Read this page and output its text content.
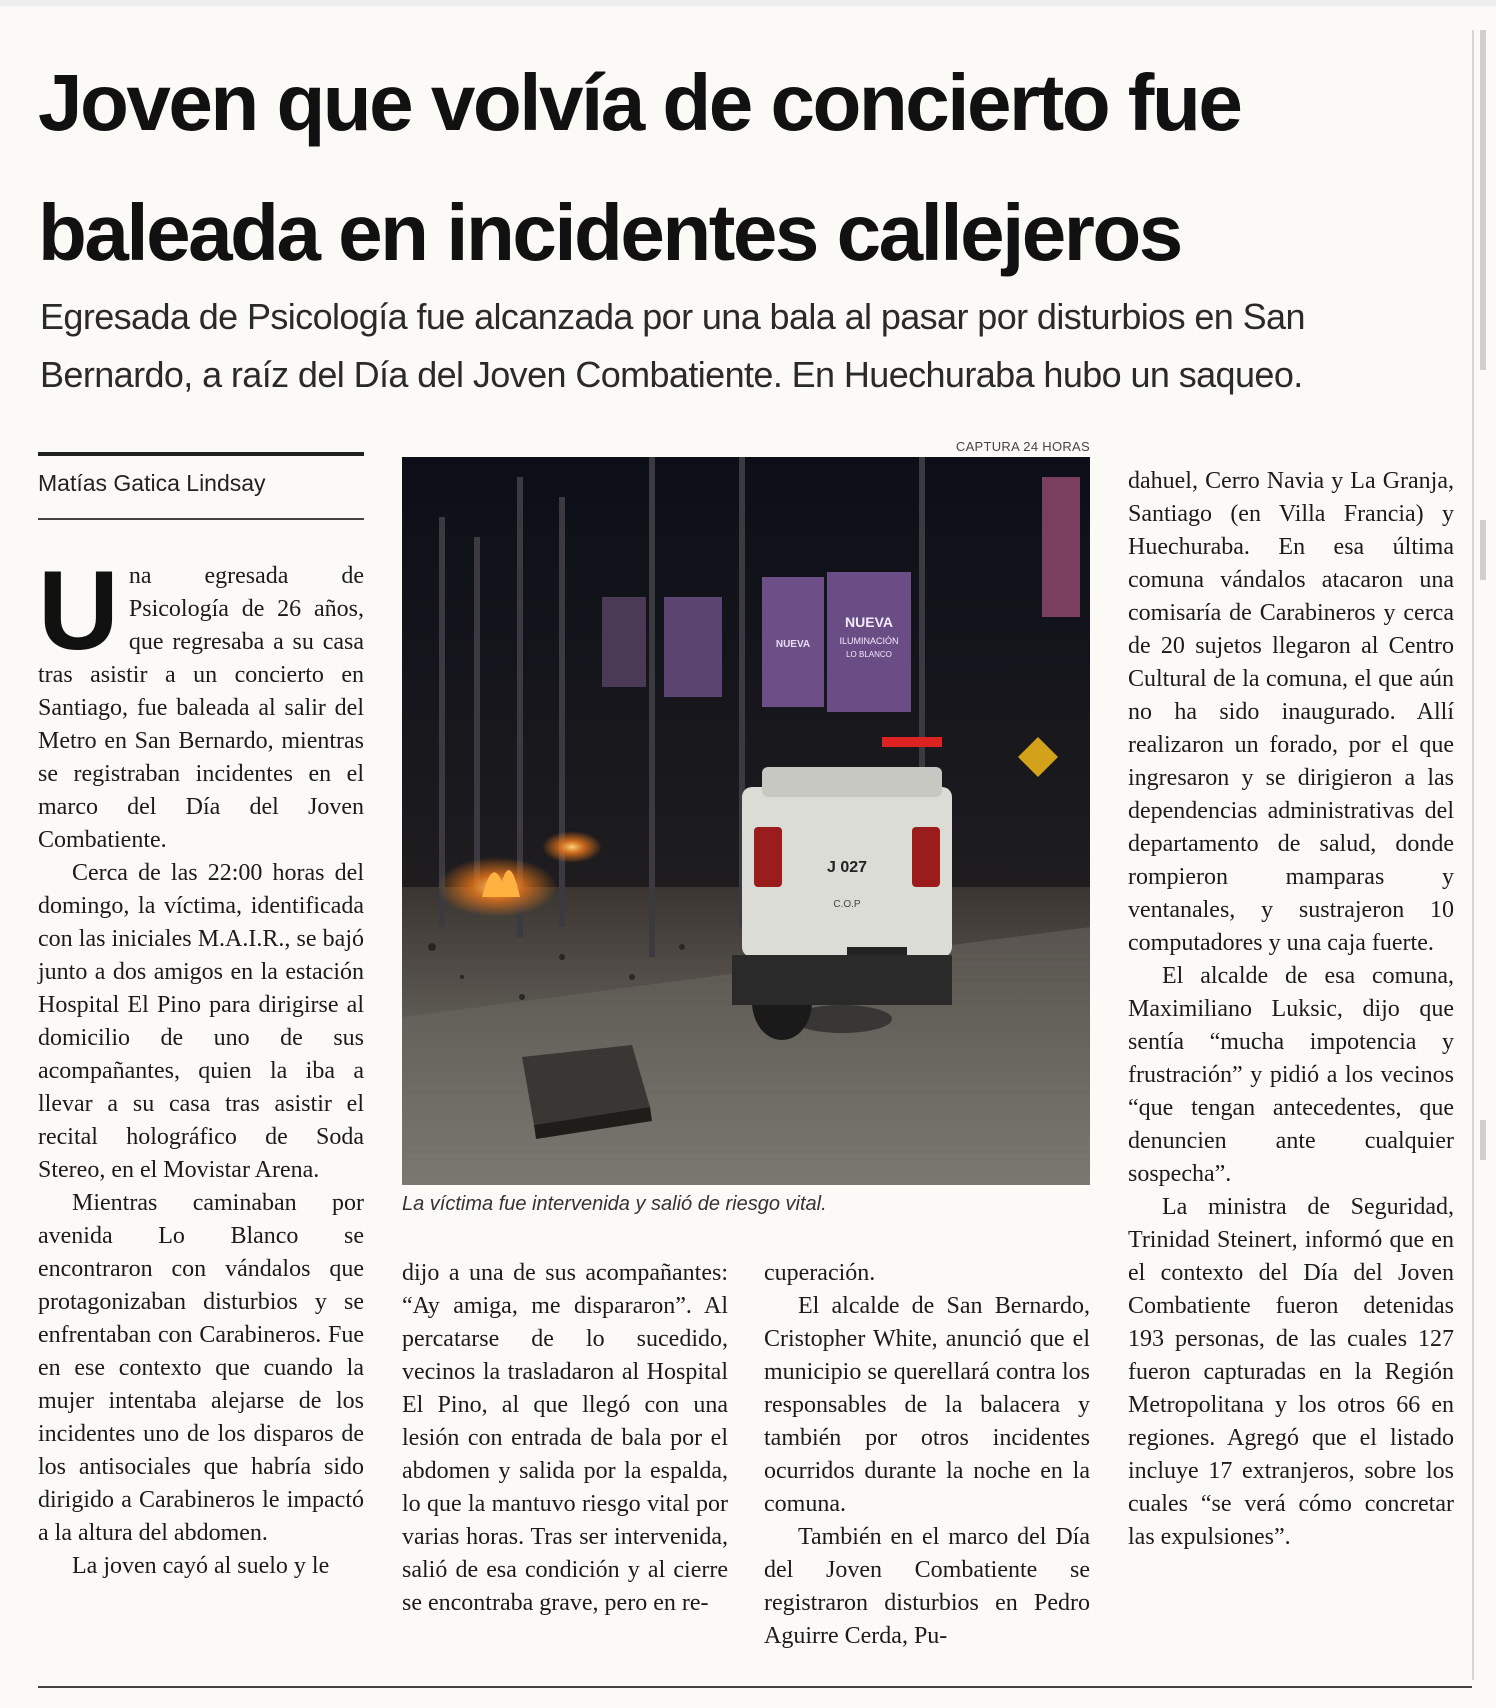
Joven que volvía de concierto fue baleada en incidentes callejeros

Egresada de Psicología fue alcanzada por una bala al pasar por disturbios en San Bernardo, a raíz del Día del Joven Combatiente. En Huechuraba hubo un saqueo.

Matías Gatica Lindsay

Una egresada de Psicología de 26 años, que regresaba a su casa tras asistir a un concierto en Santiago, fue baleada al salir del Metro en San Bernardo, mientras se registraban incidentes en el marco del Día del Joven Combatiente.

Cerca de las 22:00 horas del domingo, la víctima, identificada con las iniciales M.A.I.R., se bajó junto a dos amigos en la estación Hospital El Pino para dirigirse al domicilio de uno de sus acompañantes, quien la iba a llevar a su casa tras asistir el recital holográfico de Soda Stereo, en el Movistar Arena.

Mientras caminaban por avenida Lo Blanco se encontraron con vándalos que protagonizaban disturbios y se enfrentaban con Carabineros. Fue en ese contexto que cuando la mujer intentaba alejarse de los incidentes uno de los disparos de los antisociales que habría sido dirigido a Carabineros le impactó a la altura del abdomen.

La joven cayó al suelo y le

CAPTURA 24 HORAS
NUEVA
ILUMINACIÓN
LO BLANCO
NUEVA
J 027
C.O.P
La víctima fue intervenida y salió de riesgo vital.

dijo a una de sus acompañantes: “Ay amiga, me dispararon”. Al percatarse de lo sucedido, vecinos la trasladaron al Hospital El Pino, al que llegó con una lesión con entrada de bala por el abdomen y salida por la espalda, lo que la mantuvo riesgo vital por varias horas. Tras ser intervenida, salió de esa condición y al cierre se encontraba grave, pero en re-

cuperación.

El alcalde de San Bernardo, Cristopher White, anunció que el municipio se querellará contra los responsables de la balacera y también por otros incidentes ocurridos durante la noche en la comuna.

También en el marco del Día del Joven Combatiente se registraron disturbios en Pedro Aguirre Cerda, Pu-

dahuel, Cerro Navia y La Granja, Santiago (en Villa Francia) y Huechuraba. En esa última comuna vándalos atacaron una comisaría de Carabineros y cerca de 20 sujetos llegaron al Centro Cultural de la comuna, el que aún no ha sido inaugurado. Allí realizaron un forado, por el que ingresaron y se dirigieron a las dependencias administrativas del departamento de salud, donde rompieron mamparas y ventanales, y sustrajeron 10 computadores y una caja fuerte.

El alcalde de esa comuna, Maximiliano Luksic, dijo que sentía “mucha impotencia y frustración” y pidió a los vecinos “que tengan antecedentes, que denuncien ante cualquier sospecha”.

La ministra de Seguridad, Trinidad Steinert, informó que en el contexto del Día del Joven Combatiente fueron detenidas 193 personas, de las cuales 127 fueron capturadas en la Región Metropolitana y los otros 66 en regiones. Agregó que el listado incluye 17 extranjeros, sobre los cuales “se verá cómo concretar las expulsiones”.
